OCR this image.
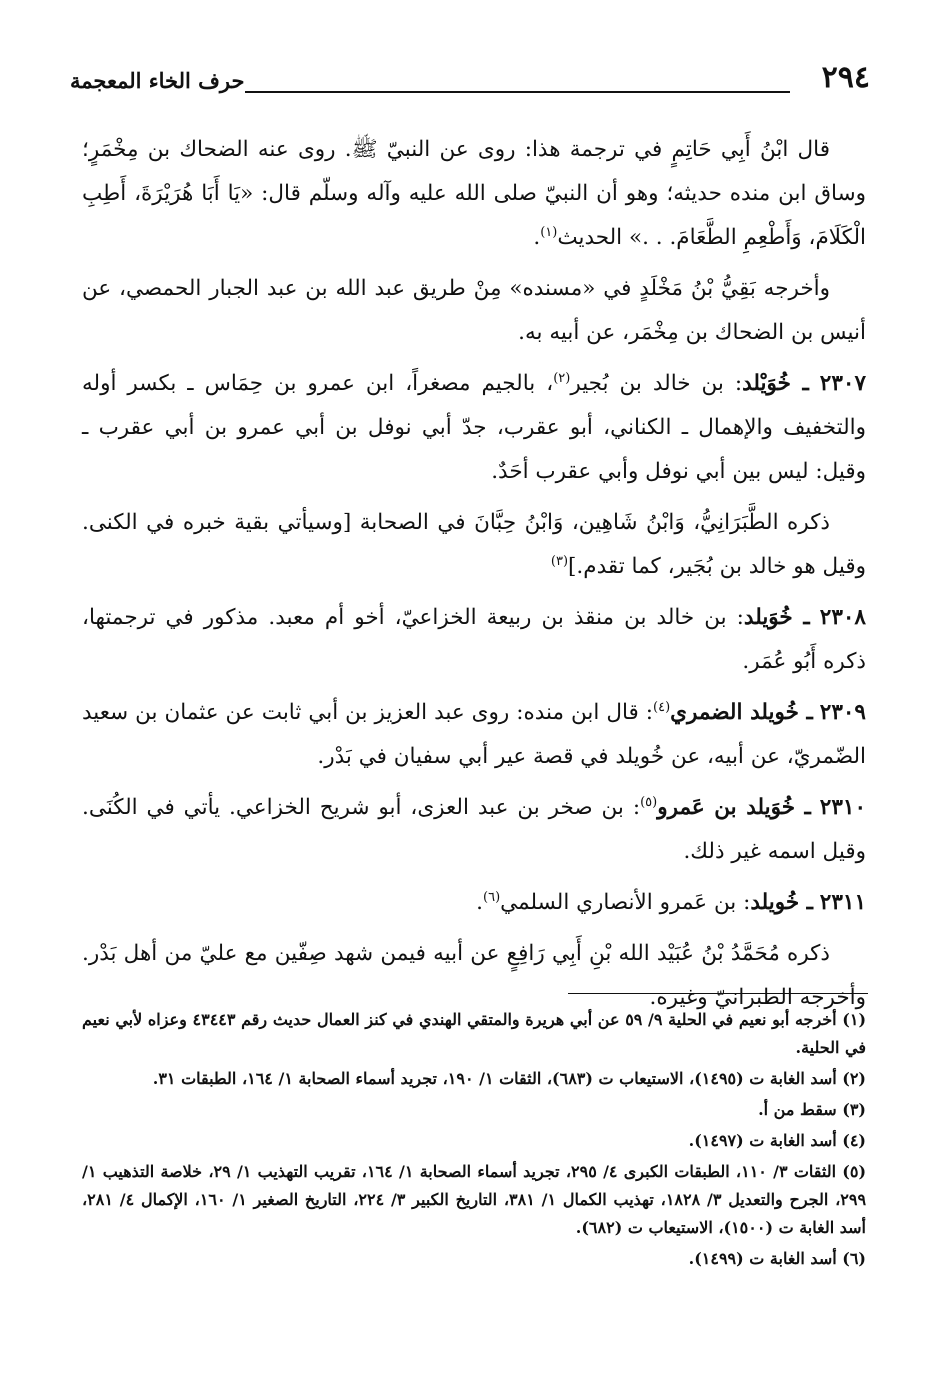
٢٩٤
حرف الخاء المعجمة

قال ابْنُ أَبِي حَاتِمٍ في ترجمة هذا: روى عن النبيّ ﷺ. روى عنه الضحاك بن مِخْمَرٍ؛ وساق ابن منده حديثه؛ وهو أن النبيّ صلى الله عليه وآله وسلّم قال: «يَا أَبَا هُرَيْرَةَ، أَطِبِ الْكَلَامَ، وَأَطْعِمِ الطَّعَامَ. . .» الحديث$^{(١)}$.

وأخرجه بَقِيُّ بْنُ مَخْلَدٍ في «مسنده» مِنْ طريق عبد الله بن عبد الجبار الحمصي، عن أنيس بن الضحاك بن مِخْمَر، عن أبيه به.

٢٣٠٧ ـ خُوَيْلد: بن خالد بن بُجير$^{(٢)}$، بالجيم مصغراً، ابن عمرو بن حِمَاس ـ بكسر أوله والتخفيف والإهمال ـ الكناني، أبو عقرب، جدّ أبي نوفل بن أبي عمرو بن أبي عقرب ـ وقيل: ليس بين أبي نوفل وأبي عقرب أحَدٌ.

ذكره الطَّبَرَانِيُّ، وَابْنُ شَاهِين، وَابْنُ حِبَّانَ في الصحابة [وسيأتي بقية خبره في الكنى. وقيل هو خالد بن بُجَير، كما تقدم.]$^{(٣)}$

٢٣٠٨ ـ خُوَيلد: بن خالد بن منقذ بن ربيعة الخزاعيّ، أخو أم معبد. مذكور في ترجمتها، ذكره أَبُو عُمَر.

٢٣٠٩ ـ خُويلد الضمري$^{(٤)}$: قال ابن منده: روى عبد العزيز بن أبي ثابت عن عثمان بن سعيد الضّمريّ، عن أبيه، عن خُويلد في قصة عير أبي سفيان في بَدْر.

٢٣١٠ ـ خُوَيلد بن عَمرو$^{(٥)}$: بن صخر بن عبد العزى، أبو شريح الخزاعي. يأتي في الكُنَى. وقيل اسمه غير ذلك.

٢٣١١ ـ خُويلد: بن عَمرو الأنصاري السلمي$^{(٦)}$.

ذكره مُحَمَّدُ بْنُ عُبَيْد الله بْنِ أَبِي رَافِعٍ عن أبيه فيمن شهد صِفّين مع عليّ من أهل بَدْر. وأخرجه الطبرانيّ وغيره.

(١) أخرجه أبو نعيم في الحلية ٩/ ٥٩ عن أبي هريرة والمتقي الهندي في كنز العمال حديث رقم ٤٣٤٤٣ وعزاه لأبي نعيم في الحلية.

(٢) أسد الغابة ت (١٤٩٥)، الاستيعاب ت (٦٨٣)، الثقات ١/ ١٩٠، تجريد أسماء الصحابة ١/ ١٦٤، الطبقات ٣١.

(٣) سقط من أ.

(٤) أسد الغابة ت (١٤٩٧).

(٥) الثقات ٣/ ١١٠، الطبقات الكبرى ٤/ ٢٩٥، تجريد أسماء الصحابة ١/ ١٦٤، تقريب التهذيب ١/ ٢٩، خلاصة التذهيب ١/ ٢٩٩، الجرح والتعديل ٣/ ١٨٢٨، تهذيب الكمال ١/ ٣٨١، التاريخ الكبير ٣/ ٢٢٤، التاريخ الصغير ١/ ١٦٠، الإكمال ٤/ ٢٨١، أسد الغابة ت (١٥٠٠)، الاستيعاب ت (٦٨٢).

(٦) أسد الغابة ت (١٤٩٩).
